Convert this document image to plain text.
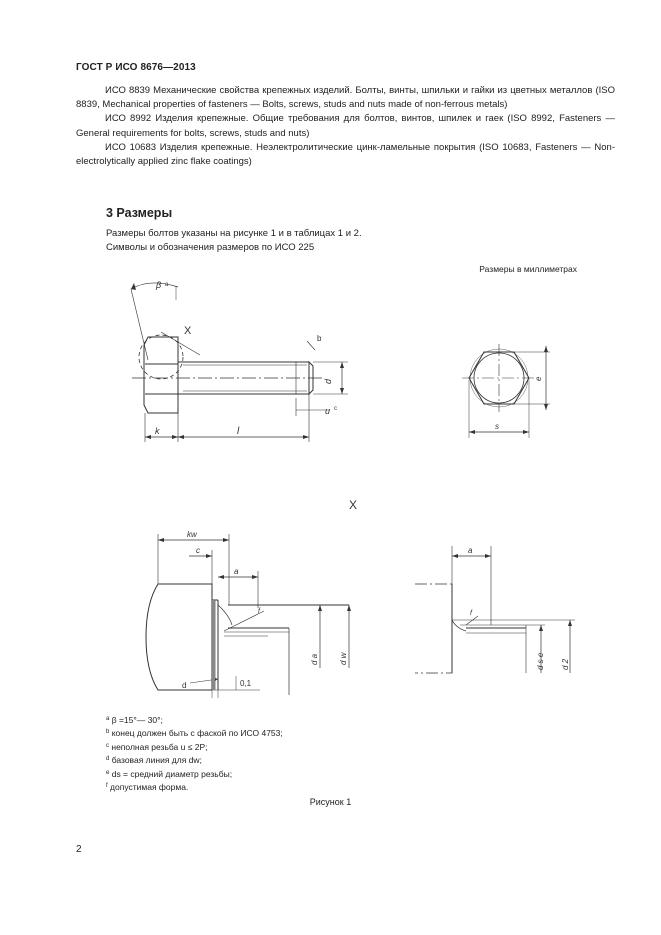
ГОСТ Р ИСО 8676—2013

ИСО 8839 Механические свойства крепежных изделий. Болты, винты, шпильки и гайки из цветных металлов (ISO 8839, Mechanical properties of fasteners — Bolts, screws, studs and nuts made of non-ferrous metals)

ИСО 8992 Изделия крепежные. Общие требования для болтов, винтов, шпилек и гаек (ISO 8992, Fasteners — General requirements for bolts, screws, studs and nuts)

ИСО 10683 Изделия крепежные. Неэлектролитические цинк-ламельные покрытия (ISO 10683, Fasteners — Non-electrolytically applied zinc flake coatings)

3 Размеры
Размеры болтов указаны на рисунке 1 и в таблицах 1 и 2.
Символы и обозначения размеров по ИСО 225
Размеры в миллиметрах
β a
X
b
d
u c
k	l
e
s
X
kw
c
a
f
d a	d w
d	0,1
a
f
d s e d 2
$^a$ β =15°— 30°;
$^b$ конец должен быть с фаской по ИСО 4753;
$^c$ неполная резьба u ≤ 2P;
$^d$ базовая линия для dw;
$^e$ ds = средний диаметр резьбы;
$^f$ допустимая форма.
Рисунок 1
2
